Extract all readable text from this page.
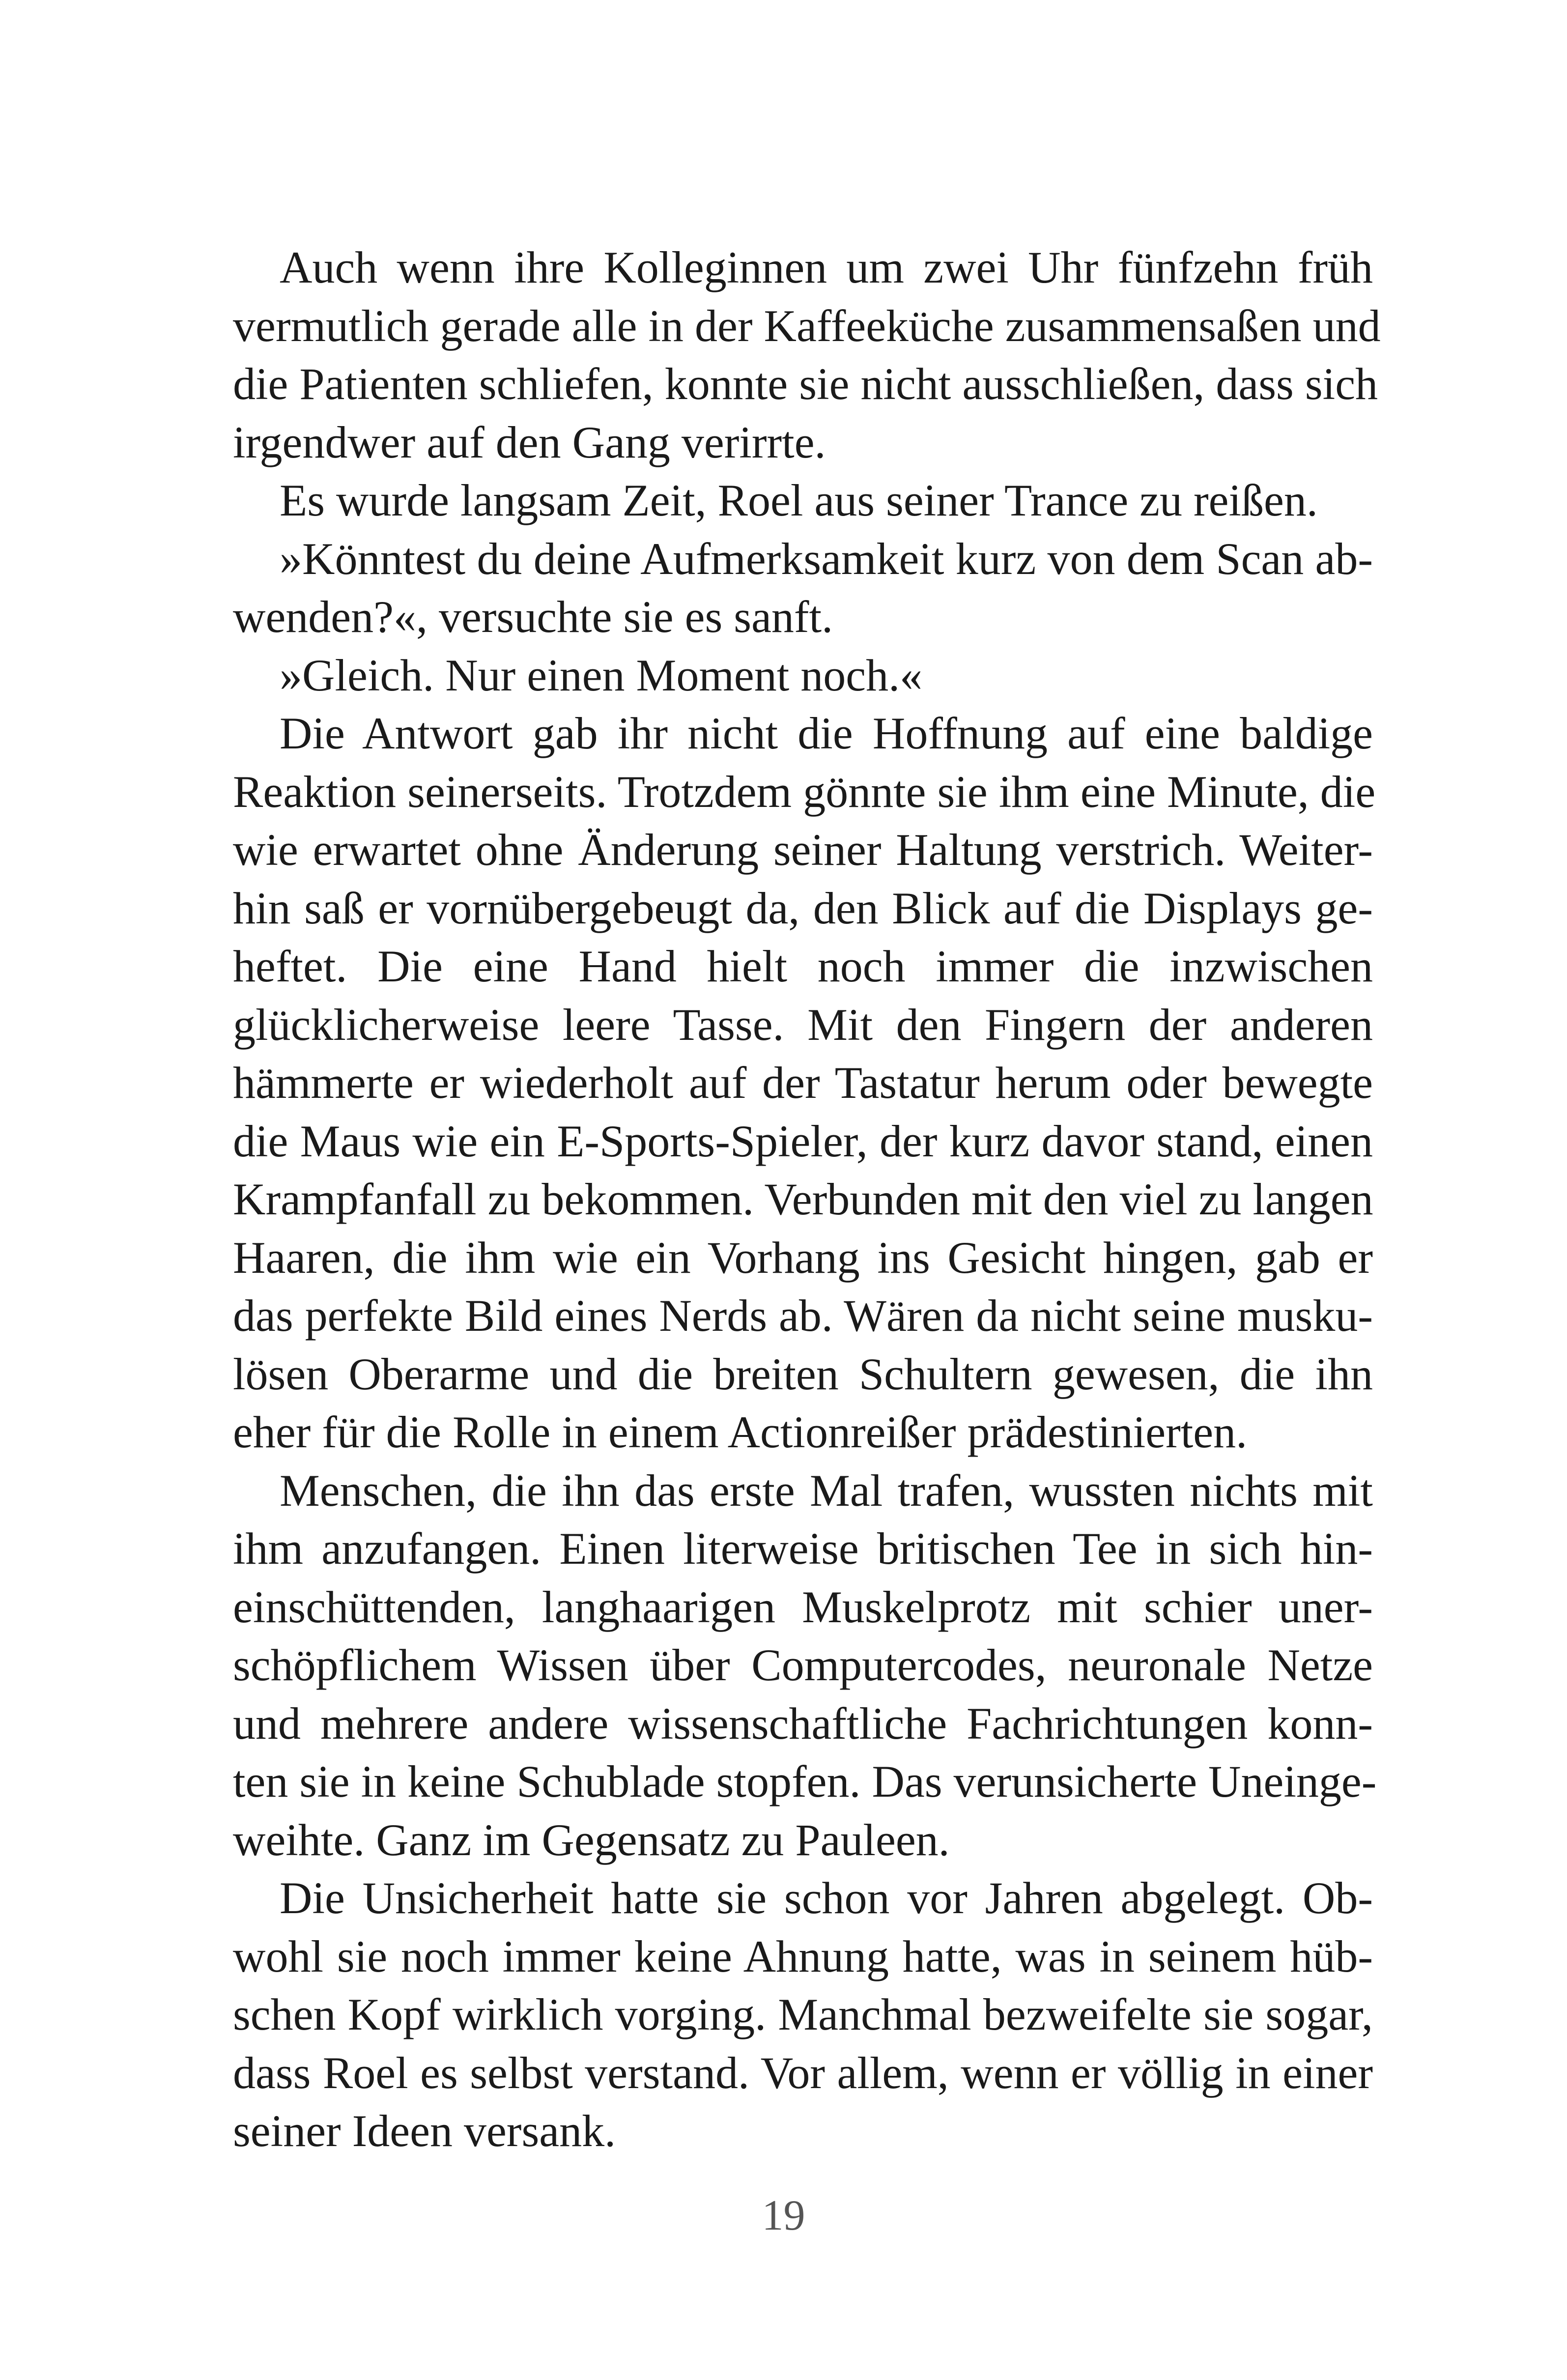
Auch wenn ihre Kolleginnen um zwei Uhr fünfzehn früh
vermutlich gerade alle in der Kaffeeküche zusammensaßen und
die Patienten schliefen, konnte sie nicht ausschließen, dass sich
irgendwer auf den Gang verirrte.
Es wurde langsam Zeit, Roel aus seiner Trance zu reißen.
»Könntest du deine Aufmerksamkeit kurz von dem Scan ab-
wenden?«, versuchte sie es sanft.
»Gleich. Nur einen Moment noch.«
Die Antwort gab ihr nicht die Hoffnung auf eine baldige
Reaktion seinerseits. Trotzdem gönnte sie ihm eine Minute, die
wie erwartet ohne Änderung seiner Haltung verstrich. Weiter-
hin saß er vornübergebeugt da, den Blick auf die Displays ge-
heftet. Die eine Hand hielt noch immer die inzwischen
glücklicherweise leere Tasse. Mit den Fingern der anderen
hämmerte er wiederholt auf der Tastatur herum oder bewegte
die Maus wie ein E-Sports-Spieler, der kurz davor stand, einen
Krampfanfall zu bekommen. Verbunden mit den viel zu langen
Haaren, die ihm wie ein Vorhang ins Gesicht hingen, gab er
das perfekte Bild eines Nerds ab. Wären da nicht seine musku-
lösen Oberarme und die breiten Schultern gewesen, die ihn
eher für die Rolle in einem Actionreißer prädestinierten.
Menschen, die ihn das erste Mal trafen, wussten nichts mit
ihm anzufangen. Einen literweise britischen Tee in sich hin-
einschüttenden, langhaarigen Muskelprotz mit schier uner-
schöpflichem Wissen über Computercodes, neuronale Netze
und mehrere andere wissenschaftliche Fachrichtungen konn-
ten sie in keine Schublade stopfen. Das verunsicherte Uneinge-
weihte. Ganz im Gegensatz zu Pauleen.
Die Unsicherheit hatte sie schon vor Jahren abgelegt. Ob-
wohl sie noch immer keine Ahnung hatte, was in seinem hüb-
schen Kopf wirklich vorging. Manchmal bezweifelte sie sogar,
dass Roel es selbst verstand. Vor allem, wenn er völlig in einer
seiner Ideen versank.
19
